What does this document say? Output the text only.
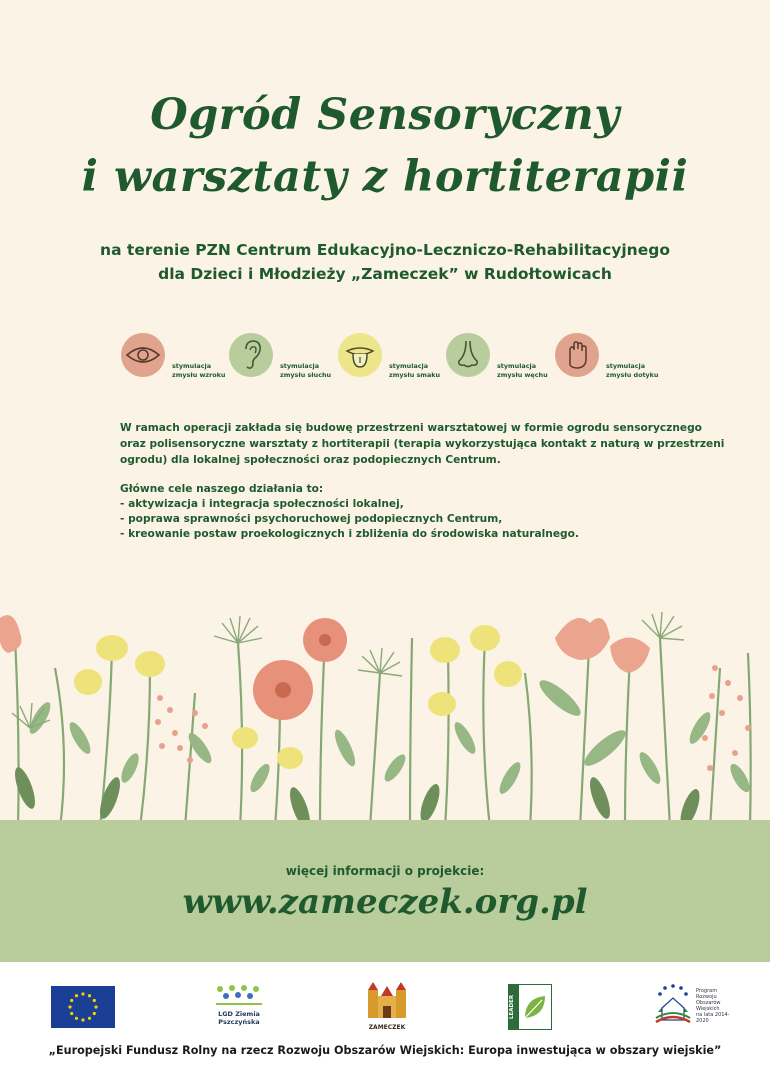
Ogród Sensoryczny
i warsztaty z hortiterapii
na terenie PZN Centrum Edukacyjno-Leczniczo-Rehabilitacyjnego
dla Dzieci i Młodzieży „Zameczek” w Rudołtowicach
stymulacja
zmysłu wzroku
stymulacja
zmysłu słuchu
stymulacja
zmysłu smaku
stymulacja
zmysłu węchu
stymulacja
zmysłu dotyku
W ramach operacji zakłada się budowę przestrzeni warsztatowej w formie ogrodu sensorycznego
oraz polisensoryczne warsztaty z hortiterapii (terapia wykorzystująca kontakt z naturą w przestrzeni
ogrodu) dla lokalnej społeczności oraz podopiecznych Centrum.
Główne cele naszego działania to:
- aktywizacja i integracja społeczności lokalnej,
- poprawa sprawności psychoruchowej podopiecznych Centrum,
- kreowanie postaw proekologicznych i zbliżenia do środowiska naturalnego.
więcej informacji o projekcie:
www.zameczek.org.pl
LGD Ziemia
Pszczyńska
ZAMECZEK
LEADER
Program
Rozwoju
Obszarów
Wiejskich
na lata 2014-2020
„Europejski Fundusz Rolny na rzecz Rozwoju Obszarów Wiejskich: Europa inwestująca w obszary wiejskie”
